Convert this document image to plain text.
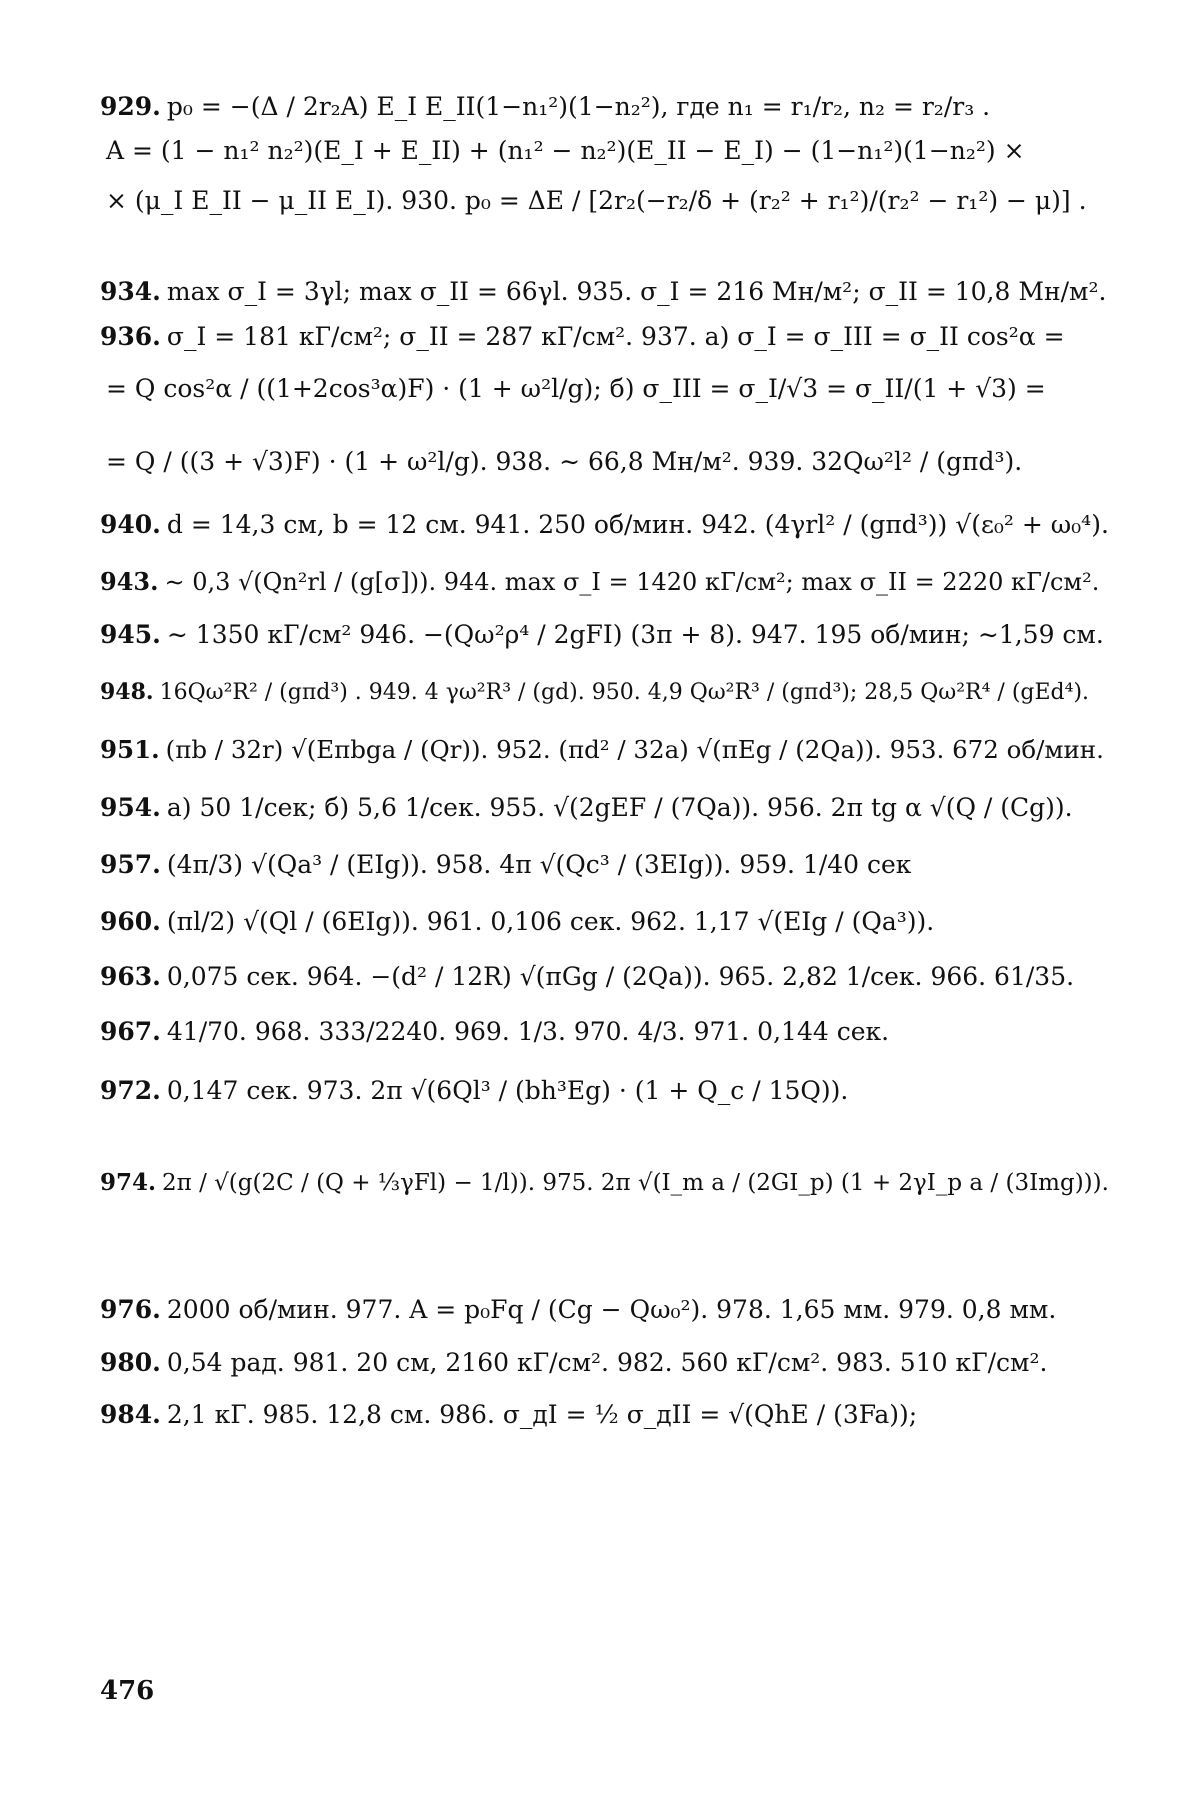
929. p₀ = −(Δ / 2r₂A) E_I E_II(1−n₁²)(1−n₂²), где n₁ = r₁/r₂, n₂ = r₂/r₃ .
A = (1 − n₁² n₂²)(E_I + E_II) + (n₁² − n₂²)(E_II − E_I) − (1−n₁²)(1−n₂²) ×
× (μ_I E_II − μ_II E_I). 930. p₀ = ΔE / [2r₂(−r₂/δ + (r₂² + r₁²)/(r₂² − r₁²) − μ)] .
934. max σ_I = 3γl; max σ_II = 66γl. 935. σ_I = 216 Мн/м²; σ_II = 10,8 Мн/м².
936. σ_I = 181 кГ/см²; σ_II = 287 кГ/см². 937. а) σ_I = σ_III = σ_II cos²α =
= Q cos²α / ((1+2cos³α)F) · (1 + ω²l/g); б) σ_III = σ_I/√3 = σ_II/(1 + √3) =
= Q / ((3 + √3)F) · (1 + ω²l/g). 938. ∼ 66,8 Мн/м². 939. 32Qω²l² / (gπd³).
940. d = 14,3 см, b = 12 см. 941. 250 об/мин. 942. (4γrl² / (gπd³)) √(ε₀² + ω₀⁴).
943. ∼ 0,3 √(Qn²rl / (g[σ])). 944. max σ_I = 1420 кГ/см²; max σ_II = 2220 кГ/см².
945. ∼ 1350 кГ/см² 946. −(Qω²ρ⁴ / 2gFI) (3π + 8). 947. 195 об/мин; ∼1,59 см.
948. 16Qω²R² / (gπd³) . 949. 4 γω²R³ / (gd). 950. 4,9 Qω²R³ / (gπd³); 28,5 Qω²R⁴ / (gEd⁴).
951. (πb / 32r) √(Eπbga / (Qr)). 952. (πd² / 32a) √(πEg / (2Qa)). 953. 672 об/мин.
954. а) 50 1/сек; б) 5,6 1/сек. 955. √(2gEF / (7Qa)). 956. 2π tg α √(Q / (Cg)).
957. (4π/3) √(Qa³ / (EIg)). 958. 4π √(Qc³ / (3EIg)). 959. 1/40 сек
960. (πl/2) √(Ql / (6EIg)). 961. 0,106 сек. 962. 1,17 √(EIg / (Qa³)).
963. 0,075 сек. 964. −(d² / 12R) √(πGg / (2Qa)). 965. 2,82 1/сек. 966. 61/35.
967. 41/70. 968. 333/2240. 969. 1/3. 970. 4/3. 971. 0,144 сек.
972. 0,147 сек. 973. 2π √(6Ql³ / (bh³Eg) · (1 + Q_c / 15Q)).
974. 2π / √(g(2C / (Q + ⅓γFl) − 1/l)). 975. 2π √(I_m a / (2GI_p) (1 + 2γI_p a / (3Img))).
976. 2000 об/мин. 977. A = p₀Fq / (Cg − Qω₀²). 978. 1,65 мм. 979. 0,8 мм.
980. 0,54 рад. 981. 20 см, 2160 кГ/см². 982. 560 кГ/см². 983. 510 кГ/см².
984. 2,1 кГ. 985. 12,8 см. 986. σ_дI = ½ σ_дII = √(QhE / (3Fa));
476
